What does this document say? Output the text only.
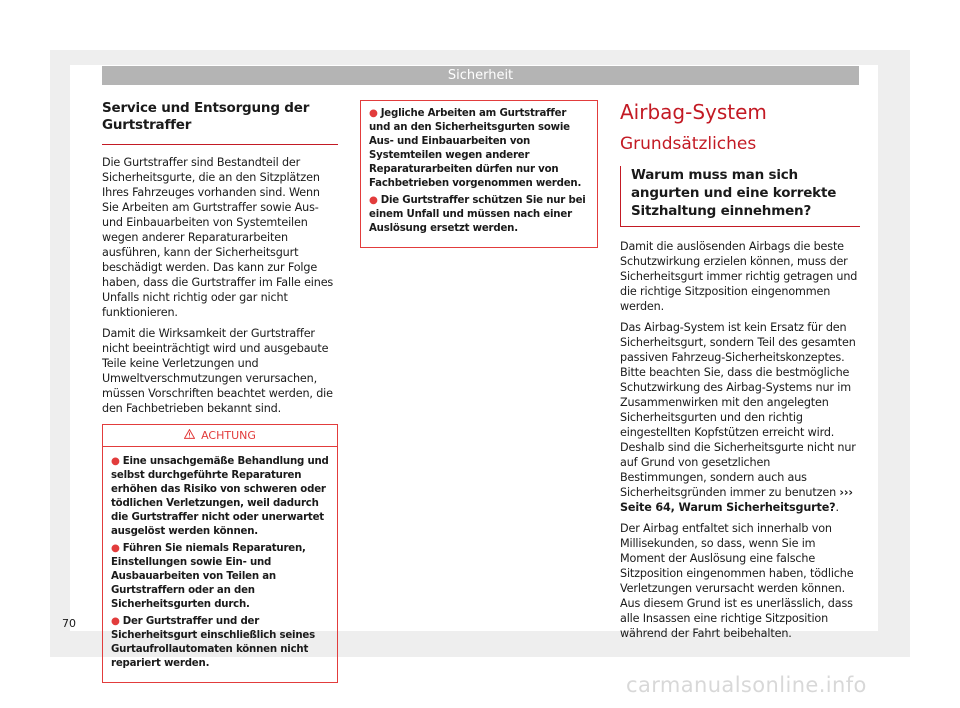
Sicherheit
Service und Entsorgung der Gurtstraffer

Die Gurtstraffer sind Bestandteil der Sicherheitsgurte, die an den Sitzplätzen Ihres Fahrzeuges vorhanden sind. Wenn Sie Arbeiten am Gurtstraffer sowie Aus- und Einbauarbeiten von Systemteilen wegen anderer Reparaturarbeiten ausführen, kann der Sicherheitsgurt beschädigt werden. Das kann zur Folge haben, dass die Gurtstraffer im Falle eines Unfalls nicht richtig oder gar nicht funktionieren.

Damit die Wirksamkeit der Gurtstraffer nicht beeinträchtigt wird und ausgebaute Teile keine Verletzungen und Umweltverschmutzungen verursachen, müssen Vorschriften beachtet werden, die den Fachbetrieben bekannt sind.

ACHTUNG
● Eine unsachgemäße Behandlung und selbst durchgeführte Reparaturen erhöhen das Risiko von schweren oder tödlichen Verletzungen, weil dadurch die Gurtstraffer nicht oder unerwartet ausgelöst werden können.
● Führen Sie niemals Reparaturen, Einstellungen sowie Ein- und Ausbauarbeiten von Teilen an Gurtstraffern oder an den Sicherheitsgurten durch.
● Der Gurtstraffer und der Sicherheitsgurt einschließlich seines Gurtaufrollautomaten können nicht repariert werden.
● Jegliche Arbeiten am Gurtstraffer und an den Sicherheitsgurten sowie Aus- und Einbauarbeiten von Systemteilen wegen anderer Reparaturarbeiten dürfen nur von Fachbetrieben vorgenommen werden.
● Die Gurtstraffer schützen Sie nur bei einem Unfall und müssen nach einer Auslösung ersetzt werden.
Airbag-System
Grundsätzliches
Warum muss man sich angurten und eine korrekte Sitzhaltung einnehmen?

Damit die auslösenden Airbags die beste Schutzwirkung erzielen können, muss der Sicherheitsgurt immer richtig getragen und die richtige Sitzposition eingenommen werden.

Das Airbag-System ist kein Ersatz für den Sicherheitsgurt, sondern Teil des gesamten passiven Fahrzeug-Sicherheitskonzeptes. Bitte beachten Sie, dass die bestmögliche Schutzwirkung des Airbag-Systems nur im Zusammenwirken mit den angelegten Sicherheitsgurten und den richtig eingestellten Kopfstützen erreicht wird. Deshalb sind die Sicherheitsgurte nicht nur auf Grund von gesetzlichen Bestimmungen, sondern auch aus Sicherheitsgründen immer zu benutzen ››› Seite 64, Warum Sicherheitsgurte?.

Der Airbag entfaltet sich innerhalb von Millisekunden, so dass, wenn Sie im Moment der Auslösung eine falsche Sitzposition eingenommen haben, tödliche Verletzungen verursacht werden können. Aus diesem Grund ist es unerlässlich, dass alle Insassen eine richtige Sitzposition während der Fahrt beibehalten.

70
carmanualsonline.info
